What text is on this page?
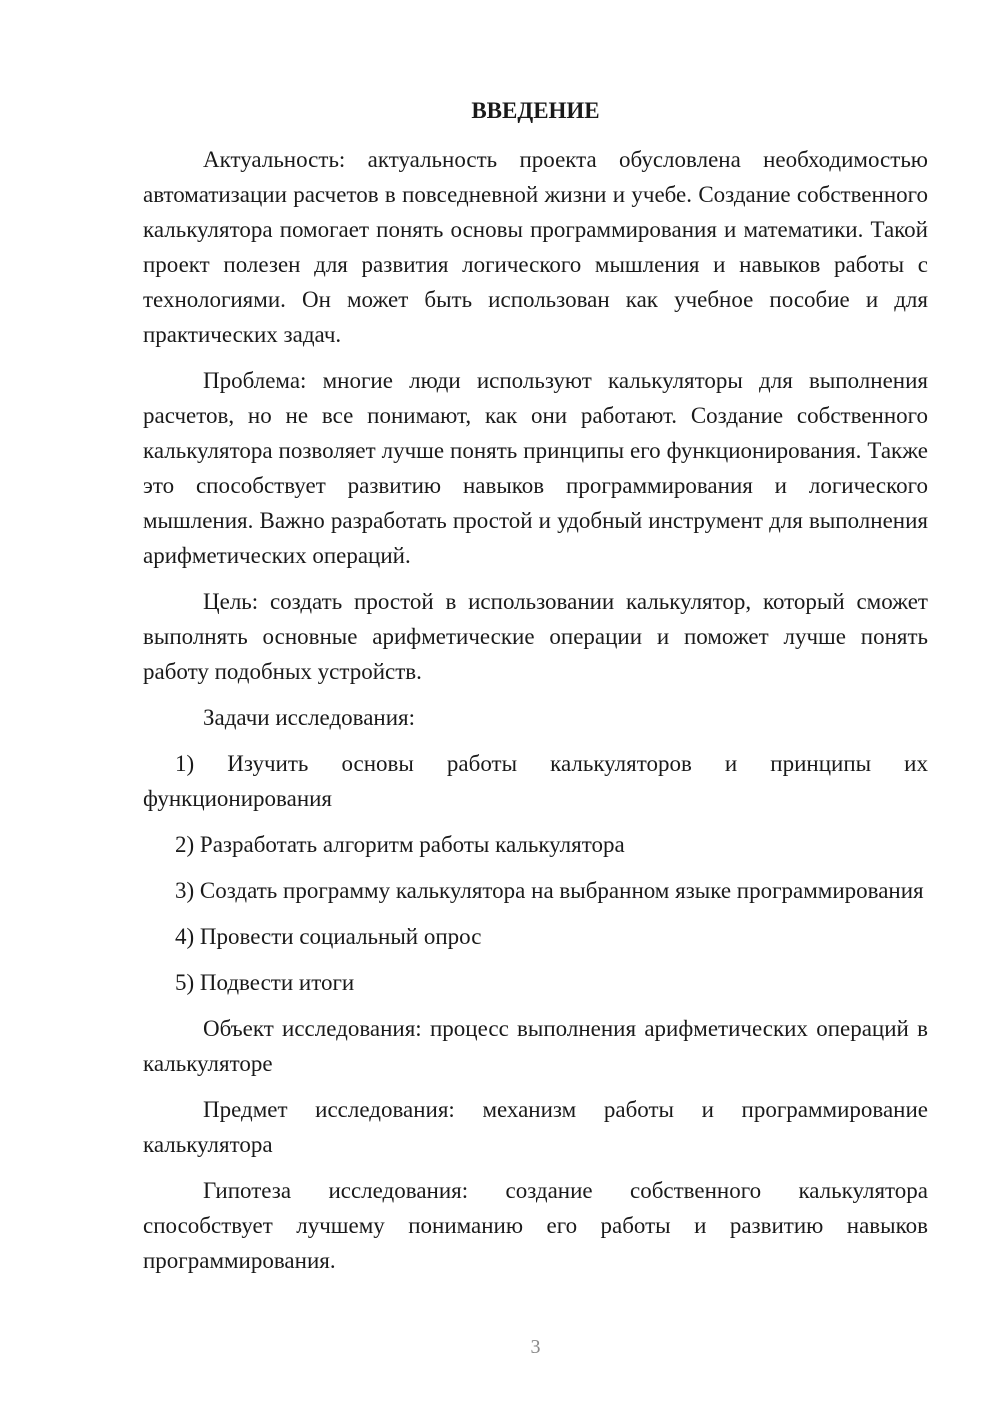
ВВЕДЕНИЕ

Актуальность: актуальность проекта обусловлена необходимостью автоматизации расчетов в повседневной жизни и учебе. Создание собственного калькулятора помогает понять основы программирования и математики. Такой проект полезен для развития логического мышления и навыков работы с технологиями. Он может быть использован как учебное пособие и для практических задач.

Проблема: многие люди используют калькуляторы для выполнения расчетов, но не все понимают, как они работают. Создание собственного калькулятора позволяет лучше понять принципы его функционирования. Также это способствует развитию навыков программирования и логического мышления. Важно разработать простой и удобный инструмент для выполнения арифметических операций.

Цель: создать простой в использовании калькулятор, который сможет выполнять основные арифметические операции и поможет лучше понять работу подобных устройств.

Задачи исследования:

1) Изучить основы работы калькуляторов и принципы их функционирования

2) Разработать алгоритм работы калькулятора

3) Создать программу калькулятора на выбранном языке программирования

4) Провести социальный опрос

5) Подвести итоги

Объект исследования: процесс выполнения арифметических операций в калькуляторе

Предмет исследования: механизм работы и программирование калькулятора

Гипотеза исследования: создание собственного калькулятора способствует лучшему пониманию его работы и развитию навыков программирования.

3
